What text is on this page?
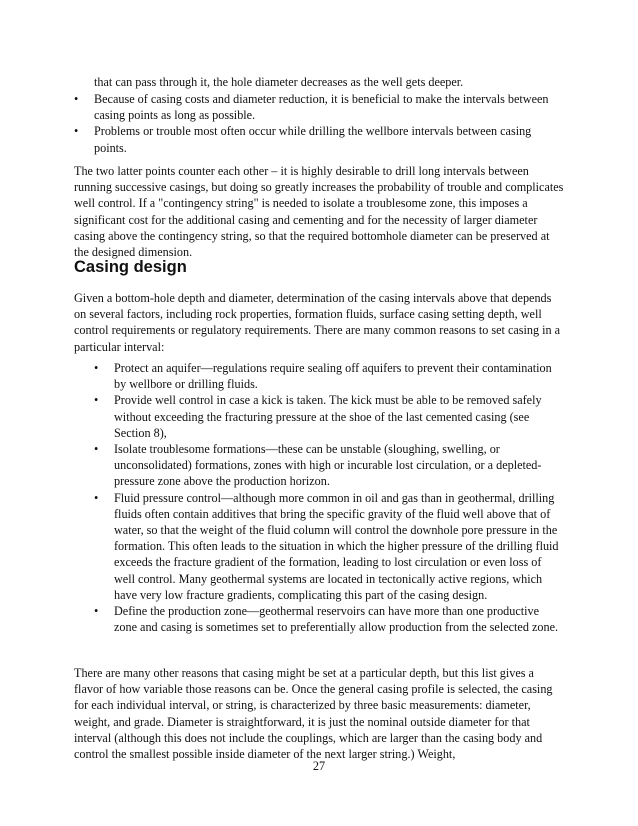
that can pass through it, the hole diameter decreases as the well gets deeper.

• Because of casing costs and diameter reduction, it is beneficial to make the intervals between casing points as long as possible.
• Problems or trouble most often occur while drilling the wellbore intervals between casing points.

The two latter points counter each other – it is highly desirable to drill long intervals between running successive casings, but doing so greatly increases the probability of trouble and complicates well control. If a "contingency string" is needed to isolate a troublesome zone, this imposes a significant cost for the additional casing and cementing and for the necessity of larger diameter casing above the contingency string, so that the required bottomhole diameter can be preserved at the designed dimension.

Casing design

Given a bottom-hole depth and diameter, determination of the casing intervals above that depends on several factors, including rock properties, formation fluids, surface casing setting depth, well control requirements or regulatory requirements. There are many common reasons to set casing in a particular interval:

• Protect an aquifer—regulations require sealing off aquifers to prevent their contamination by wellbore or drilling fluids.
• Provide well control in case a kick is taken. The kick must be able to be removed safely without exceeding the fracturing pressure at the shoe of the last cemented casing (see Section 8),
• Isolate troublesome formations—these can be unstable (sloughing, swelling, or unconsolidated) formations, zones with high or incurable lost circulation, or a depleted-pressure zone above the production horizon.
• Fluid pressure control—although more common in oil and gas than in geothermal, drilling fluids often contain additives that bring the specific gravity of the fluid well above that of water, so that the weight of the fluid column will control the downhole pore pressure in the formation. This often leads to the situation in which the higher pressure of the drilling fluid exceeds the fracture gradient of the formation, leading to lost circulation or even loss of well control. Many geothermal systems are located in tectonically active regions, which have very low fracture gradients, complicating this part of the casing design.
• Define the production zone—geothermal reservoirs can have more than one productive zone and casing is sometimes set to preferentially allow production from the selected zone.

There are many other reasons that casing might be set at a particular depth, but this list gives a flavor of how variable those reasons can be. Once the general casing profile is selected, the casing for each individual interval, or string, is characterized by three basic measurements: diameter, weight, and grade. Diameter is straightforward, it is just the nominal outside diameter for that interval (although this does not include the couplings, which are larger than the casing body and control the smallest possible inside diameter of the next larger string.) Weight,

27
